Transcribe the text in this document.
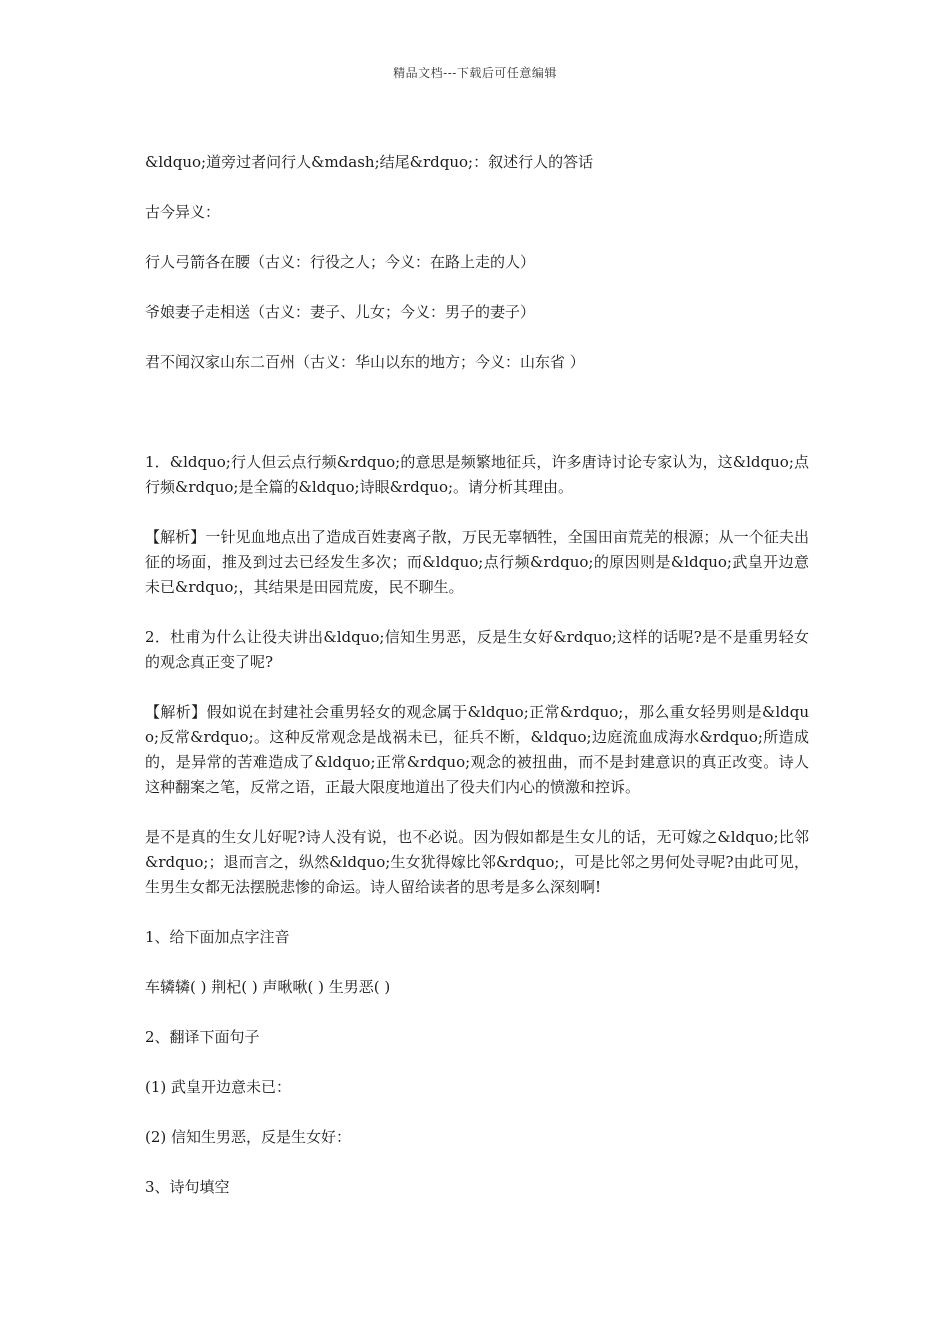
精品文档---下载后可任意编辑

&ldquo;道旁过者问行人&mdash;结尾&rdquo;：叙述行人的答话

古今异义：

行人弓箭各在腰（古义：行役之人；今义：在路上走的人）

爷娘妻子走相送（古义：妻子、儿女；今义：男子的妻子）

君不闻汉家山东二百州（古义：华山以东的地方；今义：山东省 ）

1．&ldquo;行人但云点行频&rdquo;的意思是频繁地征兵，许多唐诗讨论专家认为，这&ldquo;点行频&rdquo;是全篇的&ldquo;诗眼&rdquo;。请分析其理由。

【解析】一针见血地点出了造成百姓妻离子散，万民无辜牺牲，全国田亩荒芜的根源；从一个征夫出征的场面，推及到过去已经发生多次；而&ldquo;点行频&rdquo;的原因则是&ldquo;武皇开边意未已&rdquo;，其结果是田园荒废，民不聊生。

2．杜甫为什么让役夫讲出&ldquo;信知生男恶，反是生女好&rdquo;这样的话呢?是不是重男轻女的观念真正变了呢?

【解析】假如说在封建社会重男轻女的观念属于&ldquo;正常&rdquo;，那么重女轻男则是&ldquo;反常&rdquo;。这种反常观念是战祸未已，征兵不断，&ldquo;边庭流血成海水&rdquo;所造成的，是异常的苦难造成了&ldquo;正常&rdquo;观念的被扭曲，而不是封建意识的真正改变。诗人这种翻案之笔，反常之语，正最大限度地道出了役夫们内心的愤激和控诉。

是不是真的生女儿好呢?诗人没有说，也不必说。因为假如都是生女儿的话，无可嫁之&ldquo;比邻&rdquo;；退而言之，纵然&ldquo;生女犹得嫁比邻&rdquo;，可是比邻之男何处寻呢?由此可见，生男生女都无法摆脱悲惨的命运。诗人留给读者的思考是多么深刻啊!

1、给下面加点字注音

车辚辚( ) 荆杞( ) 声啾啾( ) 生男恶( )

2、翻译下面句子

(1) 武皇开边意未已：

(2) 信知生男恶，反是生女好：

3、诗句填空
